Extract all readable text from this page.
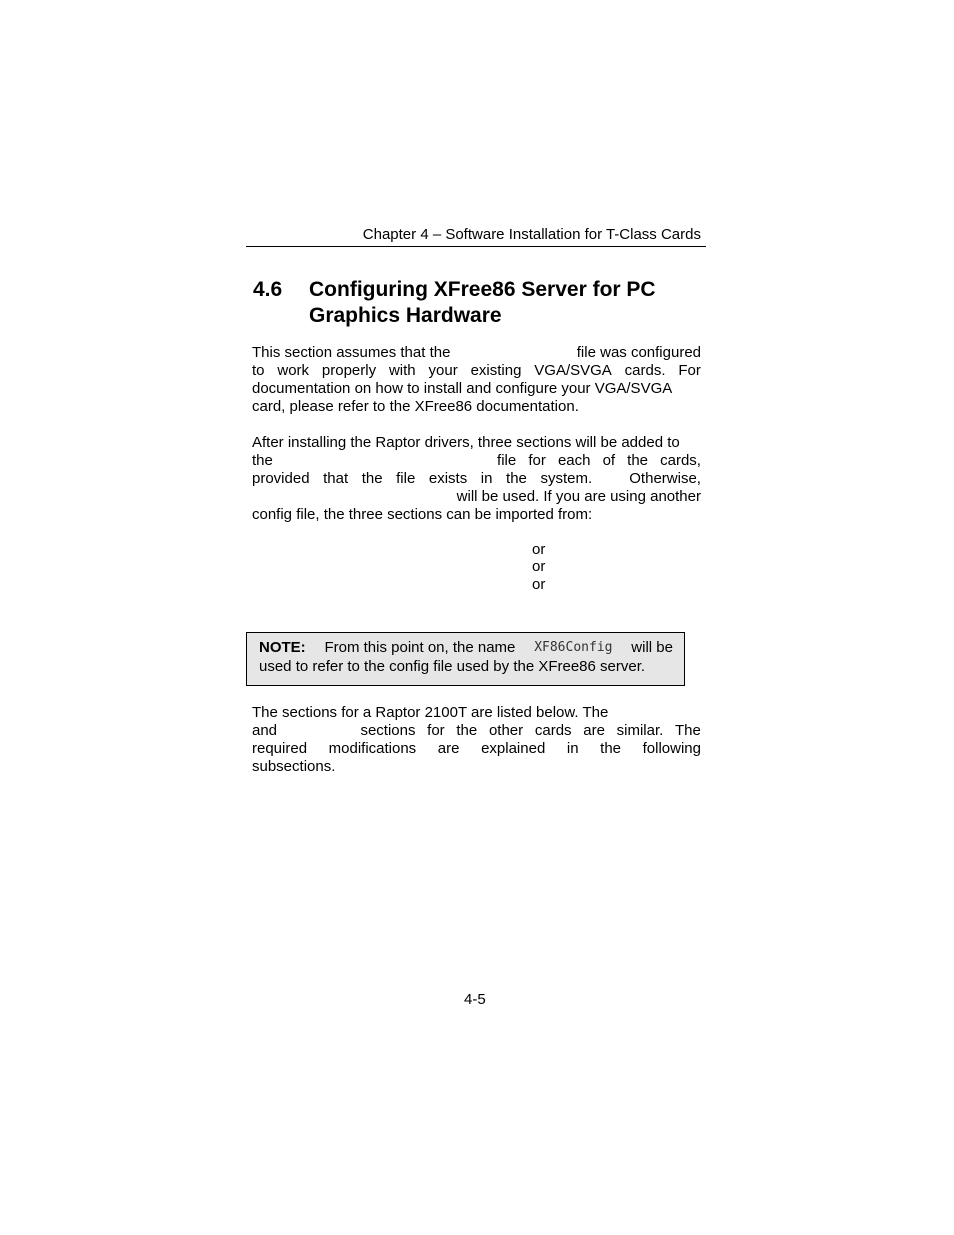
Chapter 4 – Software Installation for T-Class Cards
4.6 Configuring XFree86 Server for PC
Graphics Hardware
This section assumes that the	file was configured
to work properly with your existing VGA/SVGA cards. For
documentation on how to install and configure your VGA/SVGA
card, please refer to the XFree86 documentation.
After installing the Raptor drivers, three sections will be added to
the	file for each of the cards,
provided that the file exists in the system. Otherwise,
will be used. If you are using another
config file, the three sections can be imported from:
or
or
or
NOTE: From this point on, the name XF86Config will be
used to refer to the config file used by the XFree86 server.
The sections for a Raptor 2100T are listed below. The
and	sections for the other cards are similar. The
required modifications are explained in the following
subsections.
4-5
